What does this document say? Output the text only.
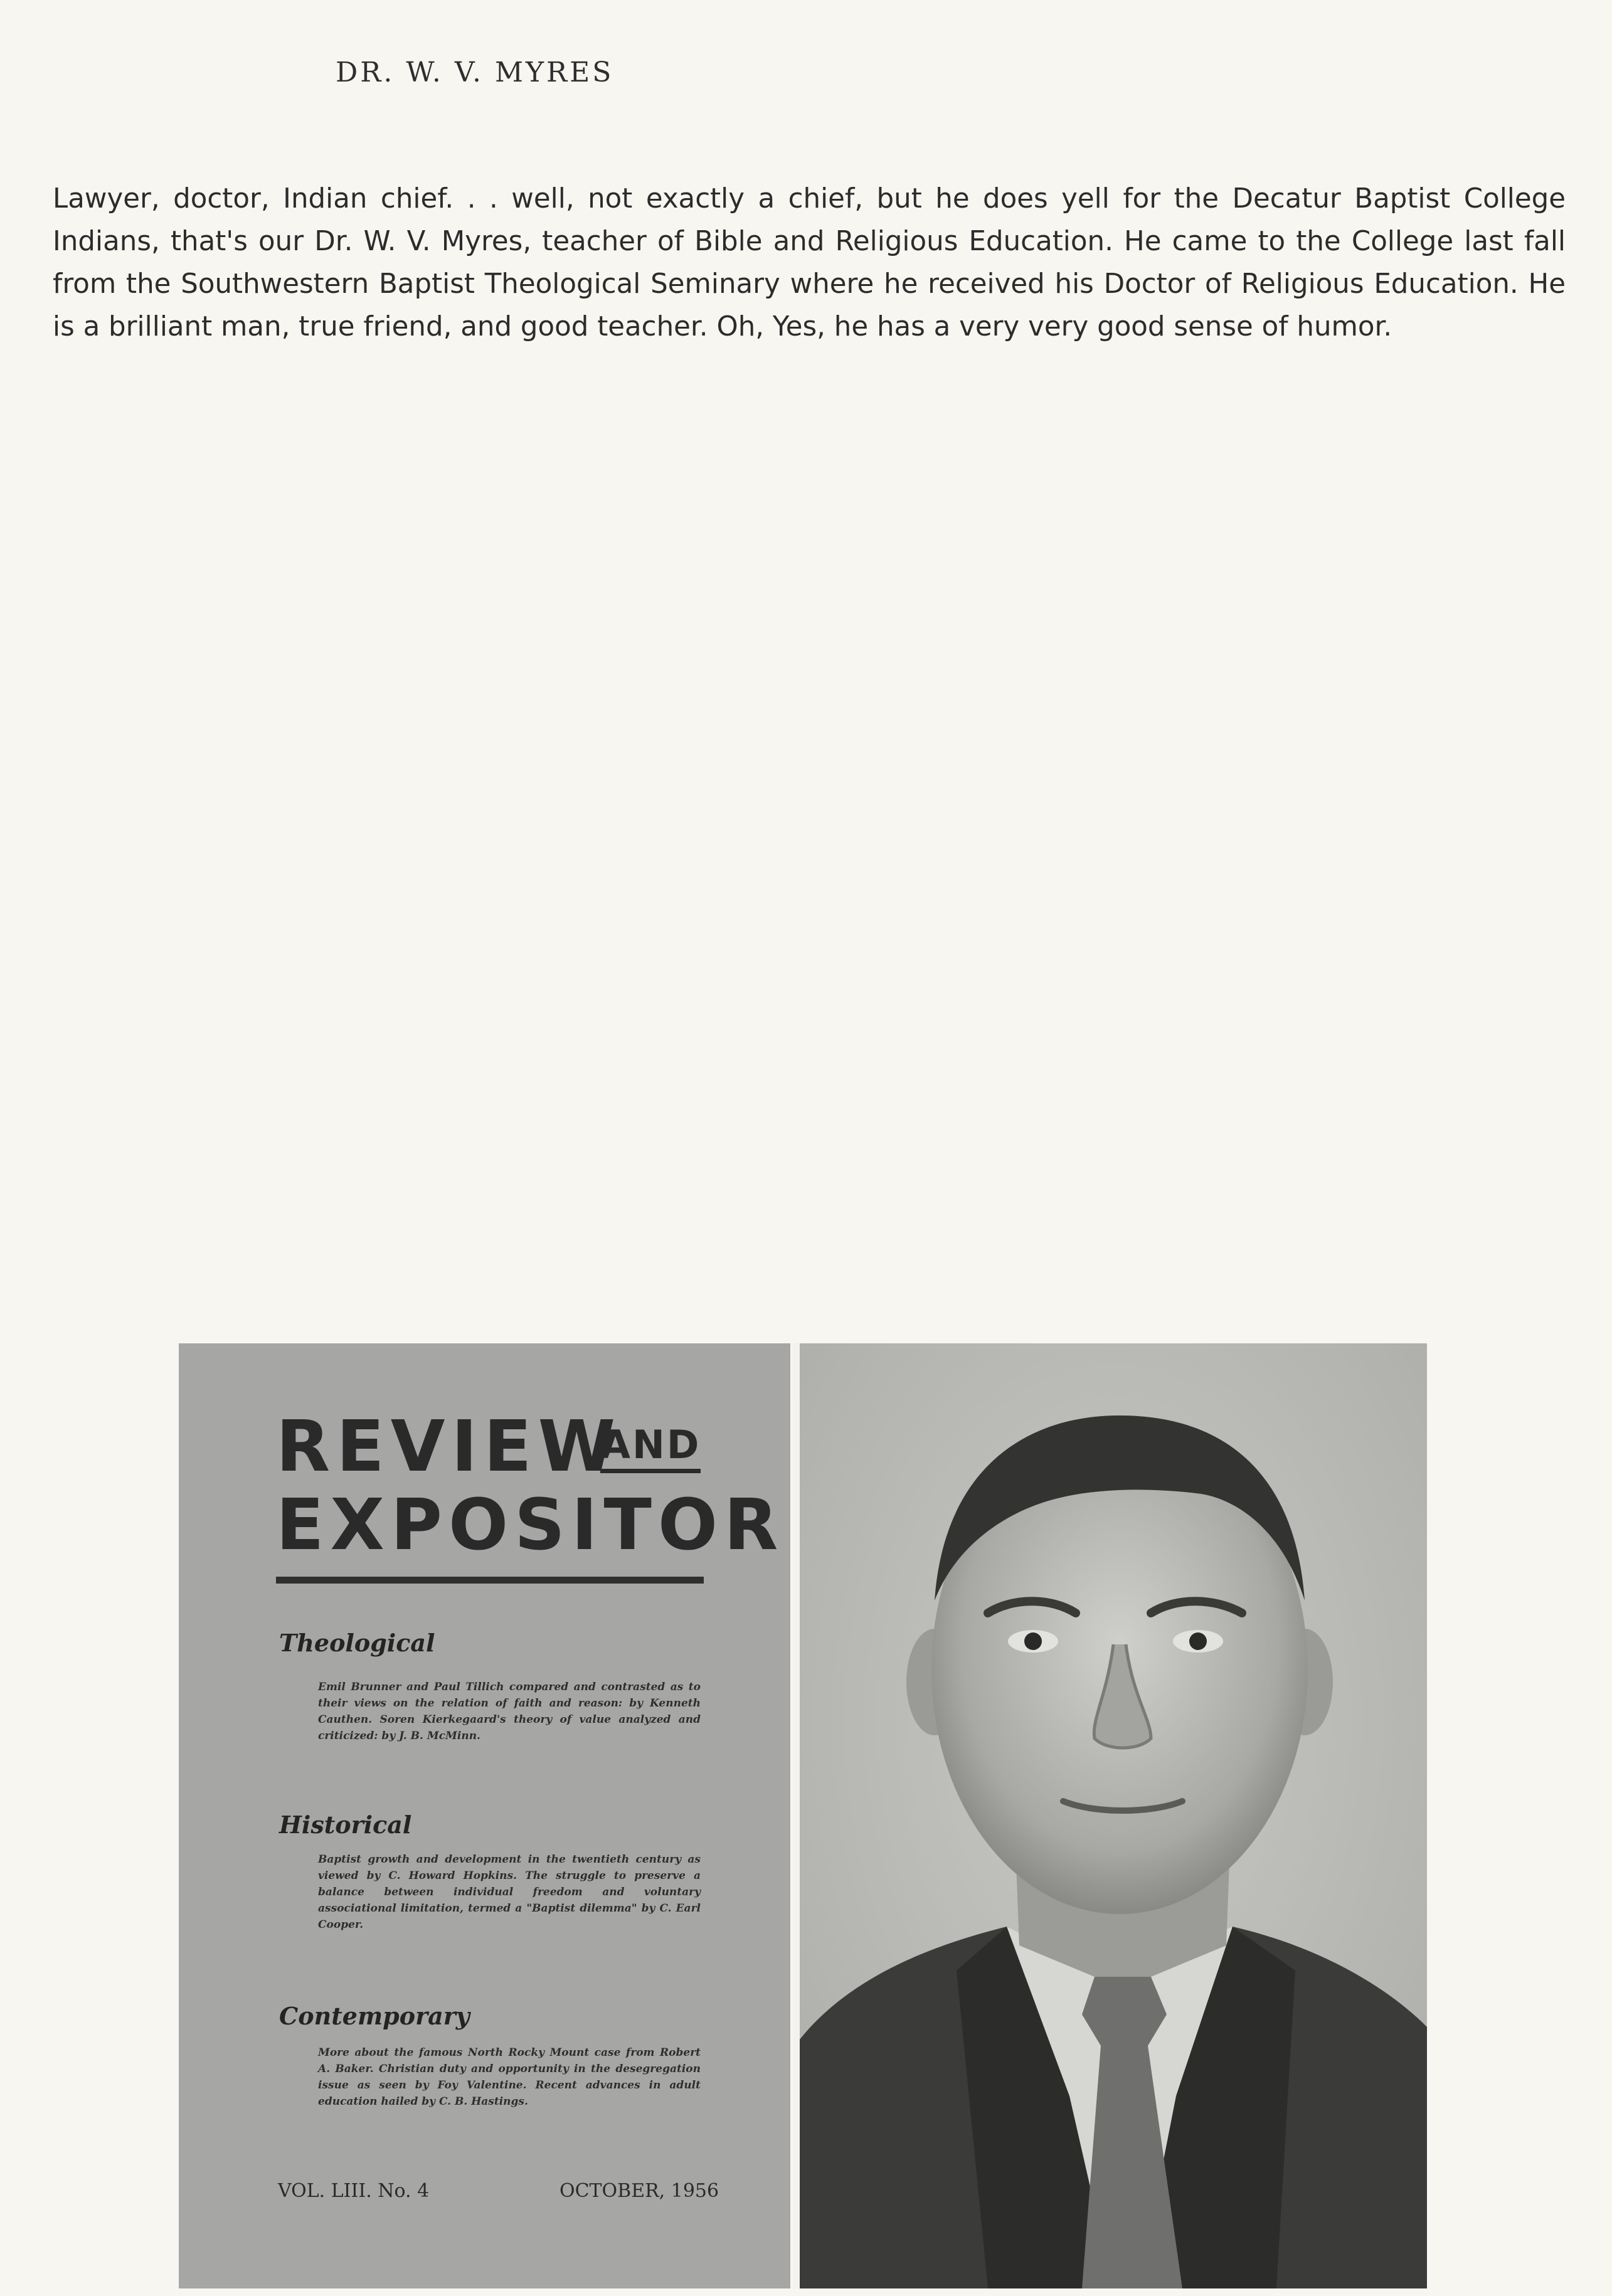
DR. W. V. MYRES
Lawyer, doctor, Indian chief. . . well, not exactly a chief, but he does yell for the Decatur Baptist College Indians, that's our Dr. W. V. Myres, teacher of Bible and Religious Education. He came to the College last fall from the Southwestern Baptist Theological Seminary where he received his Doctor of Religious Education. He is a brilliant man, true friend, and good teacher. Oh, Yes, he has a very very good sense of humor.
REVIEW
AND
EXPOSITOR
Theological
Emil Brunner and Paul Tillich compared and contrasted as to their views on the relation of faith and reason: by Kenneth Cauthen. Soren Kierkegaard's theory of value analyzed and criticized: by J. B. McMinn.
Historical
Baptist growth and development in the twentieth century as viewed by C. Howard Hopkins. The struggle to preserve a balance between individual freedom and voluntary associational limitation, termed a "Baptist dilemma" by C. Earl Cooper.
Contemporary
More about the famous North Rocky Mount case from Robert A. Baker. Christian duty and opportunity in the desegregation issue as seen by Foy Valentine. Recent advances in adult education hailed by C. B. Hastings.
VOL. LIII. No. 4	OCTOBER, 1956
